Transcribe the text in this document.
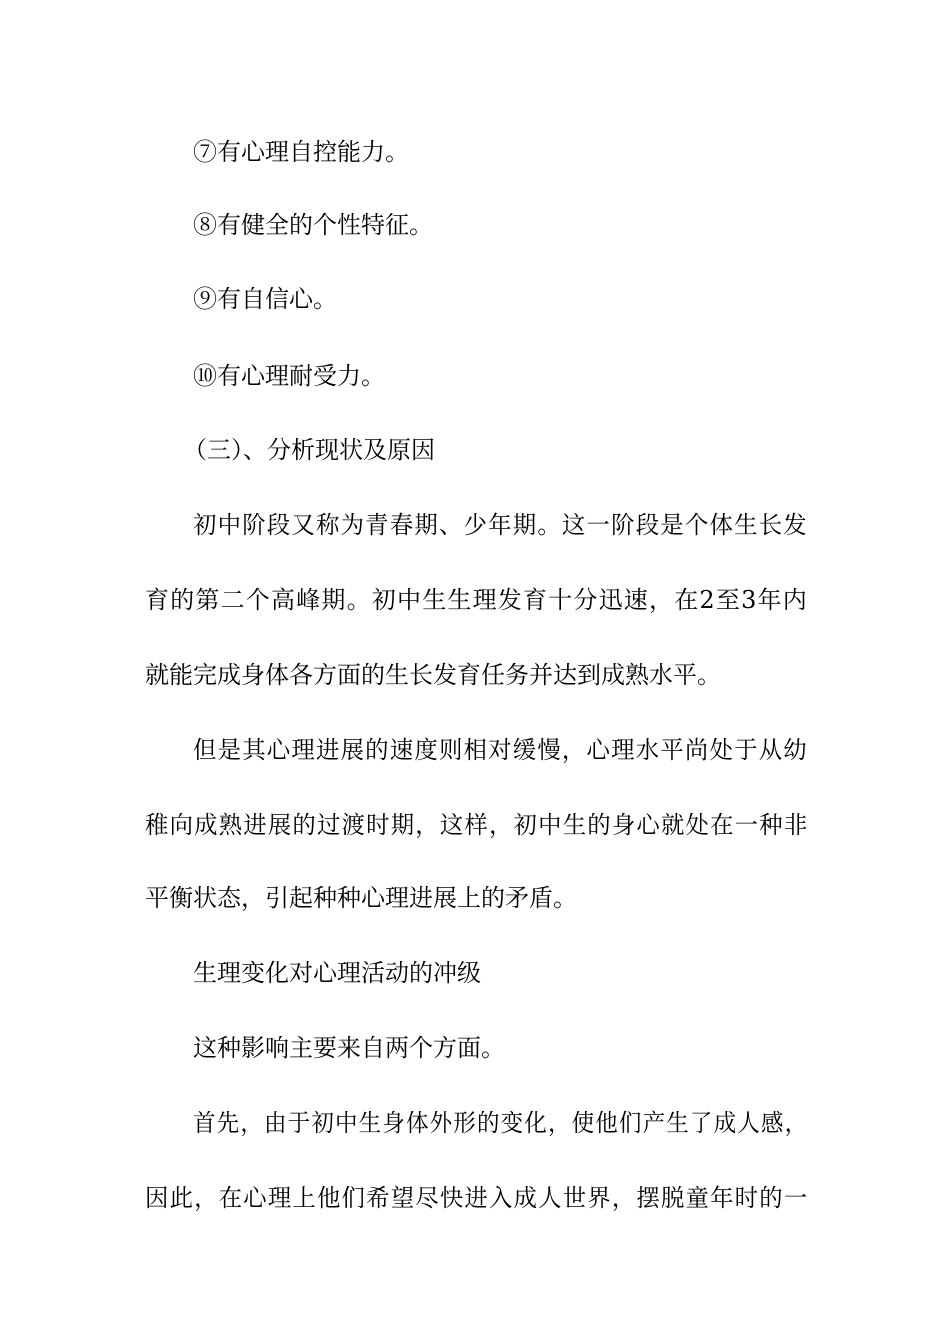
⑦有心理自控能力。
⑧有健全的个性特征。
⑨有自信心。
⑩有心理耐受力。
（三）、分析现状及原因
初中阶段又称为青春期、少年期。这一阶段是个体生长发
育的第二个高峰期。初中生生理发育十分迅速，在2至3年内
就能完成身体各方面的生长发育任务并达到成熟水平。
但是其心理进展的速度则相对缓慢，心理水平尚处于从幼
稚向成熟进展的过渡时期，这样，初中生的身心就处在一种非
平衡状态，引起种种心理进展上的矛盾。
生理变化对心理活动的冲级
这种影响主要来自两个方面。
首先，由于初中生身体外形的变化，使他们产生了成人感，
因此，在心理上他们希望尽快进入成人世界，摆脱童年时的一
